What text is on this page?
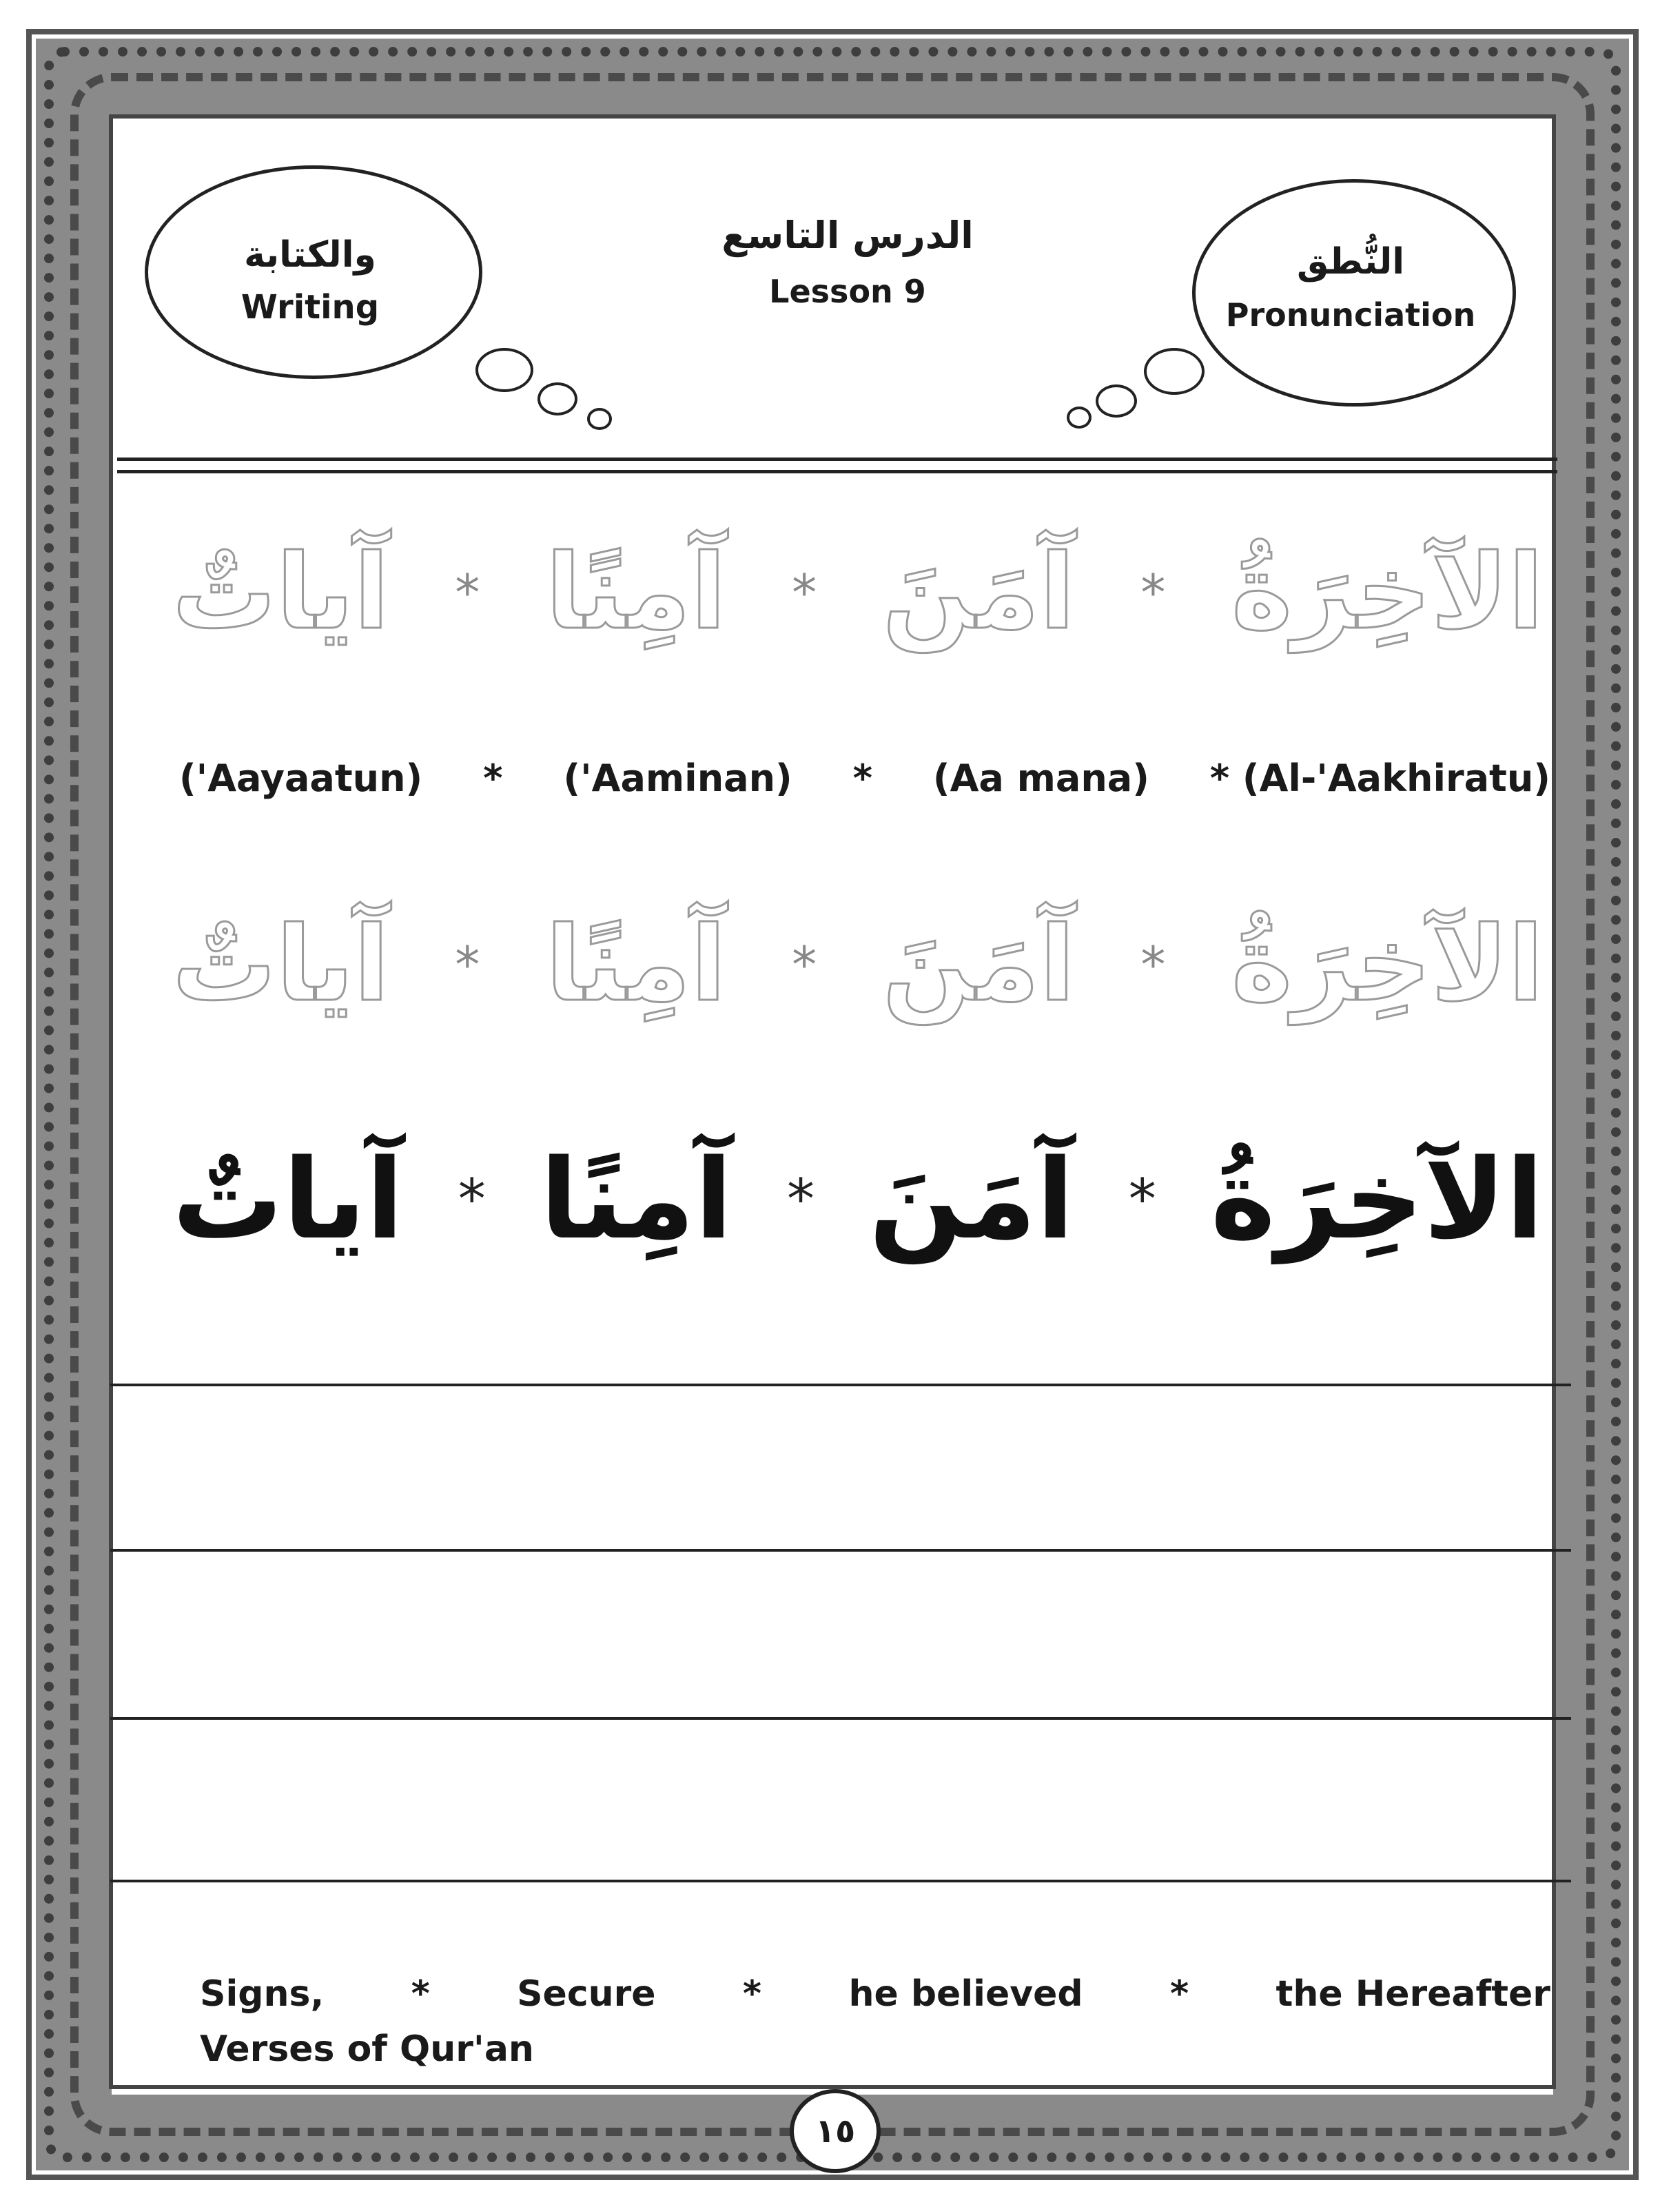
والكتابة
Writing
النُّطق
Pronunciation
الدرس التاسع
Lesson 9
الآخِرَةُ
*
آمَنَ
*
آمِنًا
*
آياتٌ
('Aayaatun) * ('Aaminan) * (Aa mana) * (Al-'Aakhiratu)
الآخِرَةُ
*
آمَنَ
*
آمِنًا
*
آياتٌ
الآخِرَةُ
*
آمَنَ
*
آمِنًا
*
آياتٌ
Signs, * Secure * he believed * the Hereafter
Verses of Qur'an
١٥
